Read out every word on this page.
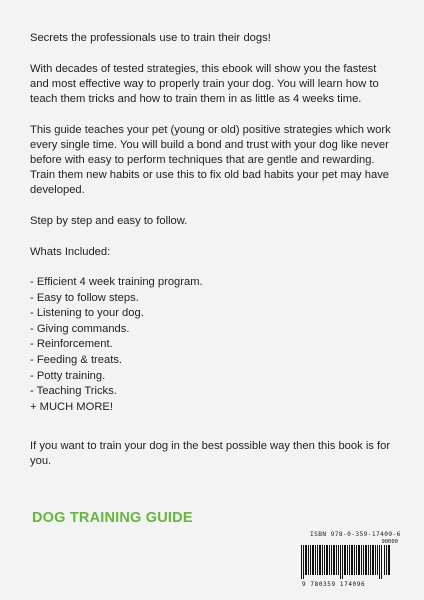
Secrets the professionals use to train their dogs!

With decades of tested strategies, this ebook will show you the fastest and most effective way to properly train your dog. You will learn how to teach them tricks and how to train them in as little as 4 weeks time.

This guide teaches your pet (young or old) positive strategies which work every single time. You will build a bond and trust with your dog like never before with easy to perform techniques that are gentle and rewarding. Train them new habits or use this to fix old bad habits your pet may have developed.

Step by step and easy to follow.

Whats Included:
- Efficient 4 week training program.
- Easy to follow steps.
- Listening to your dog.
- Giving commands.
- Reinforcement.
- Feeding & treats.
- Potty training.
- Teaching Tricks.
+ MUCH MORE!

If you want to train your dog in the best possible way then this book is for you.

DOG TRAINING GUIDE
ISBN 978-0-359-17409-6
90000
9 780359 174096
